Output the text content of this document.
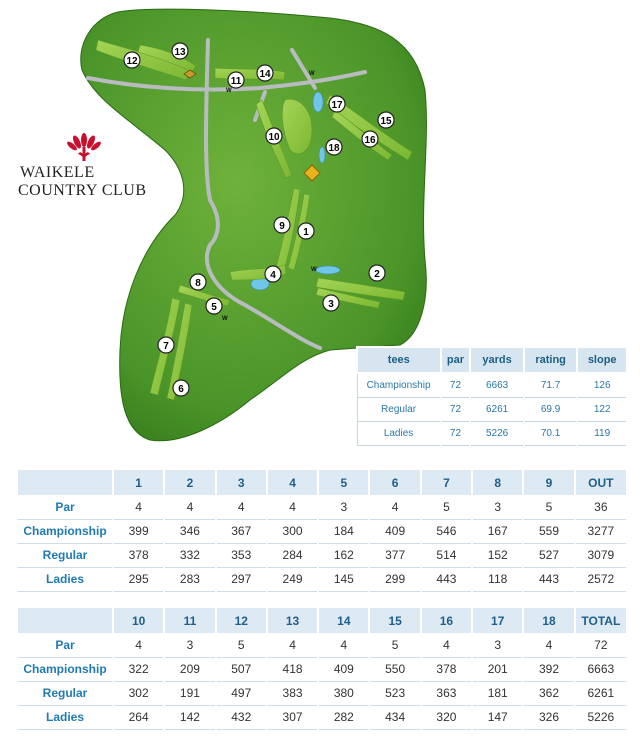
W
W
W
W
1
2
3
4
5
6
7
8
9
10
11
12
13
14
15
16
17
18
WAIKELE
COUNTRY CLUB
tees	par	yards	rating	slope
Championship	72	6663	71.7	126
Regular	72	6261	69.9	122
Ladies	72	5226	70.1	119
	1	2	3	4	5	6	7	8	9	OUT
Par	4	4	4	4	3	4	5	3	5	36
Championship	399	346	367	300	184	409	546	167	559	3277
Regular	378	332	353	284	162	377	514	152	527	3079
Ladies	295	283	297	249	145	299	443	118	443	2572
	10	11	12	13	14	15	16	17	18	TOTAL
Par	4	3	5	4	4	5	4	3	4	72
Championship	322	209	507	418	409	550	378	201	392	6663
Regular	302	191	497	383	380	523	363	181	362	6261
Ladies	264	142	432	307	282	434	320	147	326	5226
